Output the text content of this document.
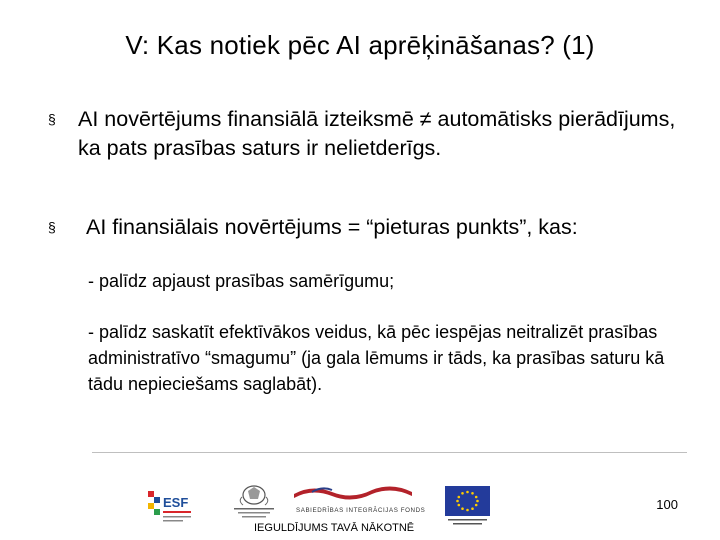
V: Kas notiek pēc AI aprēķināšanas? (1)
§	AI novērtējums finansiālā izteiksmē ≠ automātisks pierādījums, ka pats prasības saturs ir nelietderīgs.
§	AI finansiālais novērtējums = “pieturas punkts”, kas:
- palīdz apjaust prasības samērīgumu;
- palīdz saskatīt efektīvākos veidus, kā pēc iespējas neitralizēt prasības administratīvo “smagumu” (ja gala lēmums ir tāds, ka prasības saturu kā tādu nepieciešams saglabāt).
ESF
SABIEDRĪBAS INTEGRĀCIJAS FONDS	100
IEGULDĪJUMS TAVĀ NĀKOTNĒ
